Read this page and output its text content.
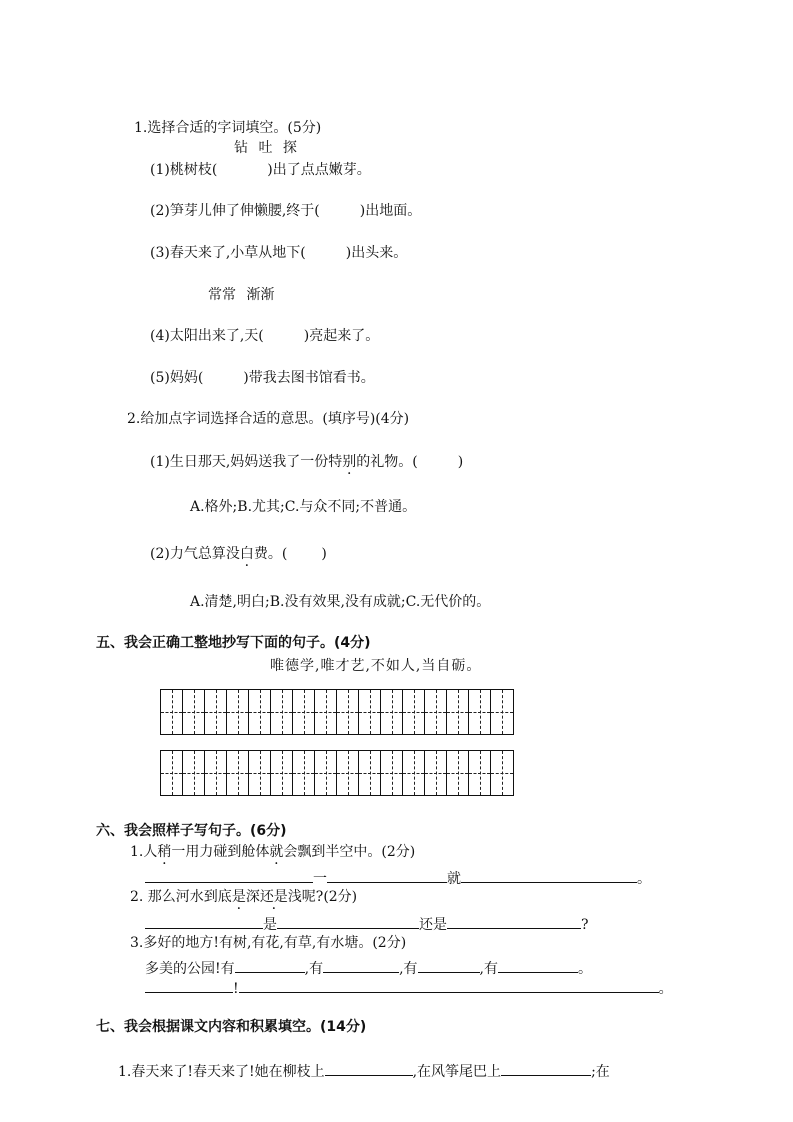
1.选择合适的字词填空。(5分)
钻 吐 探
(1)桃树枝(	)出了点点嫩芽。
(2)笋芽儿伸了伸懒腰,终于(	)出地面。
(3)春天来了,小草从地下(	)出头来。
常常 渐渐
(4)太阳出来了,天(	)亮起来了。
(5)妈妈(	)带我去图书馆看书。
2.给加点字词选择合适的意思。(填序号)(4分)
(1)生日那天,妈妈送我了一份特别的礼物。(	)
A.格外;B.尤其;C.与众不同;不普通。
(2)力气总算没白费。( )
A.清楚,明白;B.没有效果,没有成就;C.无代价的。
五、我会正确工整地抄写下面的句子。(4分)
唯德学,唯才艺,不如人,当自砺。
六、我会照样子写句子。(6分)
1.人稍一用力碰到舱体就会飘到半空中。(2分)
一	就	。
2. 那么河水到底是深还是浅呢?(2分)
是	还是	?
3.多好的地方!有树,有花,有草,有水塘。(2分)
多美的公园!有	,有	,有	,有	。
!	。
七、我会根据课文内容和积累填空。(14分)
1.春天来了!春天来了!她在柳枝上	,在风筝尾巴上	;在
